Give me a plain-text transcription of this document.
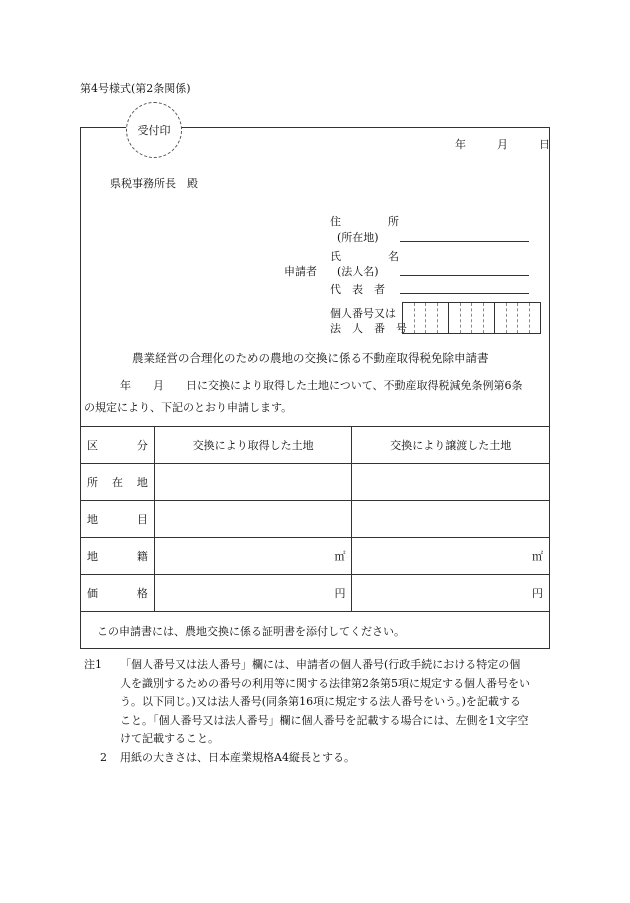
第4号様式(第2条関係)
受付印
年	月	日
県税事務所長　殿
住	所
(所在地)
氏	名
申請者 (法人名)
代　表　者
個人番号又は
法　人　番　号
農業経営の合理化のための農地の交換に係る不動産取得税免除申請書
年　　月　　日に交換により取得した土地について、不動産取得税減免条例第6条
の規定により、下記のとおり申請します。
区 分	交換により取得した土地	交換により譲渡した土地

所 在 地		

地 目		

地 籍	㎡	㎡

価 格	円	円
この申請書には、農地交換に係る証明書を添付してください。
注1	「個人番号又は法人番号」欄には、申請者の個人番号(行政手続における特定の個
人を識別するための番号の利用等に関する法律第2条第5項に規定する個人番号をい
う。以下同じ。)又は法人番号(同条第16項に規定する法人番号をいう。)を記載する
こと。「個人番号又は法人番号」欄に個人番号を記載する場合には、左側を1文字空
けて記載すること。
2	用紙の大きさは、日本産業規格A4縦長とする。
